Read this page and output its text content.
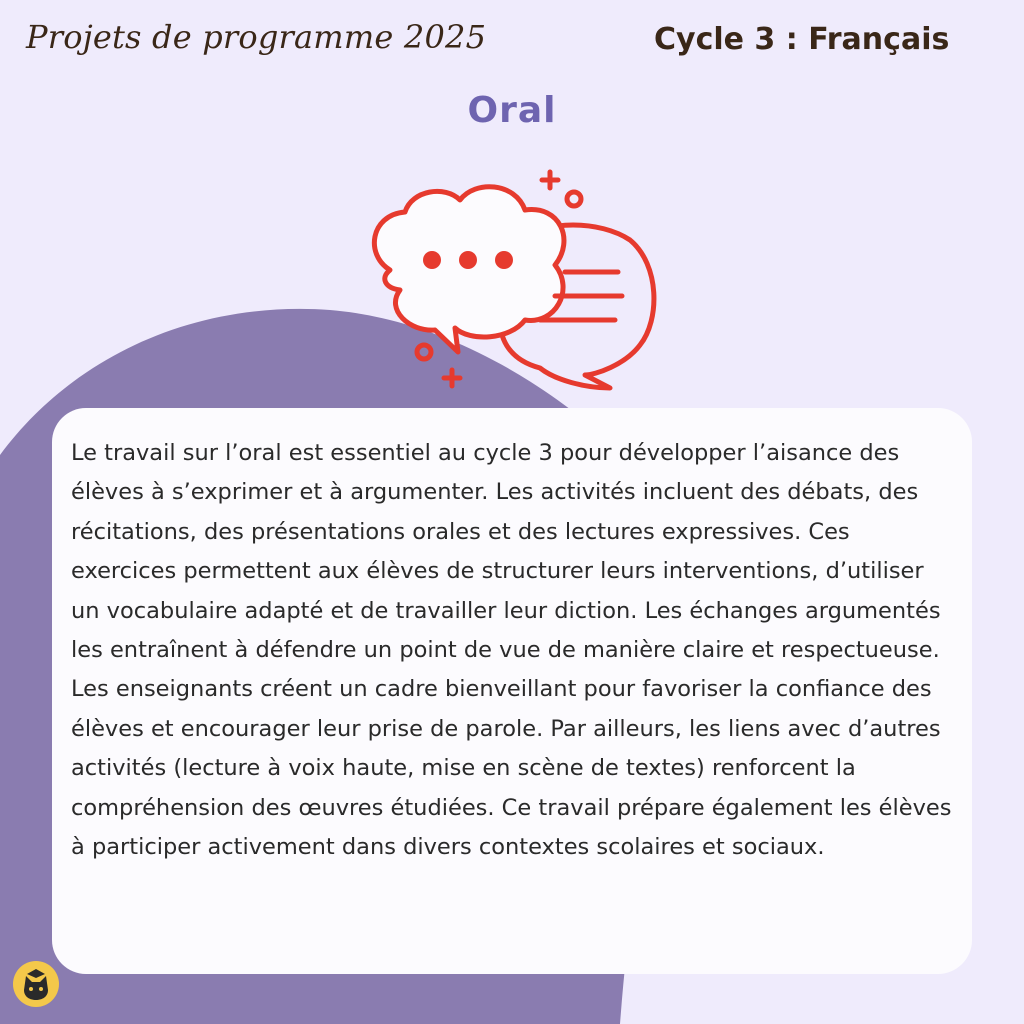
Projets de programme 2025	Cycle 3 : Français
Oral

Le travail sur l’oral est essentiel au cycle 3 pour développer l’aisance des élèves à s’exprimer et à argumenter. Les activités incluent des débats, des récitations, des présentations orales et des lectures expressives. Ces exercices permettent aux élèves de structurer leurs interventions, d’utiliser un vocabulaire adapté et de travailler leur diction. Les échanges argumentés les entraînent à défendre un point de vue de manière claire et respectueuse. Les enseignants créent un cadre bienveillant pour favoriser la confiance des élèves et encourager leur prise de parole. Par ailleurs, les liens avec d’autres activités (lecture à voix haute, mise en scène de textes) renforcent la compréhension des œuvres étudiées. Ce travail prépare également les élèves à participer activement dans divers contextes scolaires et sociaux.
